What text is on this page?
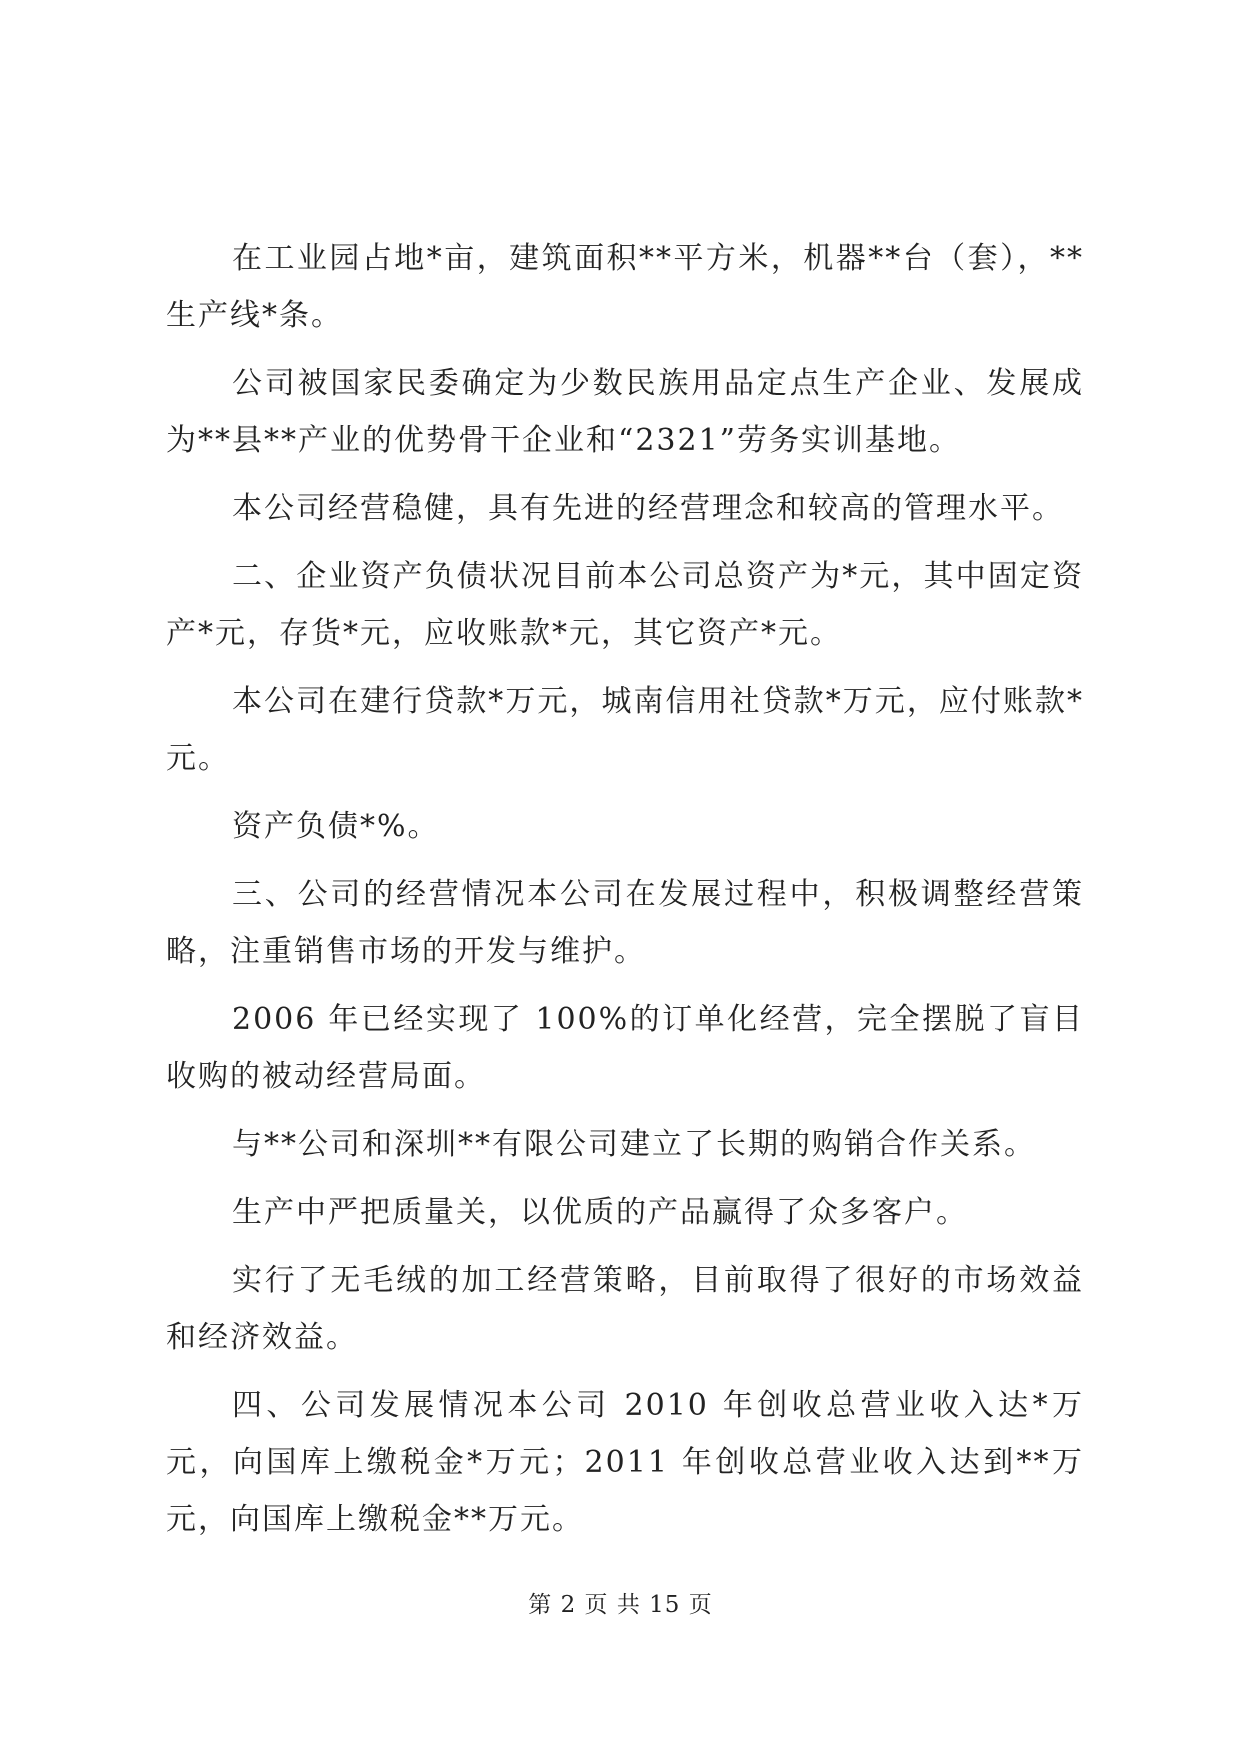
在工业园占地*亩，建筑面积**平方米，机器**台（套），**生产线*条。

公司被国家民委确定为少数民族用品定点生产企业、发展成为**县**产业的优势骨干企业和“2321”劳务实训基地。

本公司经营稳健，具有先进的经营理念和较高的管理水平。

二、企业资产负债状况目前本公司总资产为*元，其中固定资产*元，存货*元，应收账款*元，其它资产*元。

本公司在建行贷款*万元，城南信用社贷款*万元，应付账款*元。

资产负债*%。

三、公司的经营情况本公司在发展过程中，积极调整经营策略，注重销售市场的开发与维护。

2006 年已经实现了 100%的订单化经营，完全摆脱了盲目收购的被动经营局面。

与**公司和深圳**有限公司建立了长期的购销合作关系。

生产中严把质量关，以优质的产品赢得了众多客户。

实行了无毛绒的加工经营策略，目前取得了很好的市场效益和经济效益。

四、公司发展情况本公司 2010 年创收总营业收入达*万元，向国库上缴税金*万元；2011 年创收总营业收入达到**万元，向国库上缴税金**万元。

第 2 页 共 15 页
